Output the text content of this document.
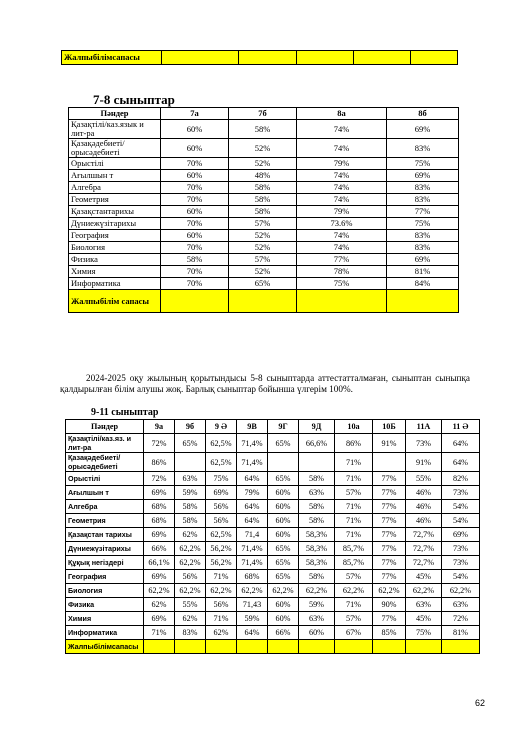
Жалпыбілімсапасы					
7-8 сыныптар
Пәндер	7а	7б	8а	8б
Қазақтілі/каз.язык и лит-ра	60%	58%	74%	69%
Қазақәдебиеті/ орысәдебиеті	60%	52%	74%	83%
Орыстілі	70%	52%	79%	75%
Ағылшын т	60%	48%	74%	69%
Алгебра	70%	58%	74%	83%
Геометрия	70%	58%	74%	83%
Қазақстантарихы	60%	58%	79%	77%
Дүниежүзітарихы	70%	57%	73.6%	75%
География	60%	52%	74%	83%
Биология	70%	52%	74%	83%
Физика	58%	57%	77%	69%
Химия	70%	52%	78%	81%
Информатика	70%	65%	75%	84%
Жалпыбілім сапасы				

2024-2025 оқу жылының қорытындысы 5-8 сыныптарда аттестатталмаған, сыныптан сыныпқа қалдырылған білім алушы жоқ. Барлық сыныптар бойынша үлгерім 100%.

9-11 сыныптар
Пәндер	9а	9б	9 Ә	9В	9Г	9Д	10а	10Б	11А	11 Ә
Қазақтілі/каз.яз. и лит-ра	72%	65%	62,5%	71,4%	65%	66,6%	86%	91%	73%	64%
Қазақәдебиеті/ орысәдебиеті	86%		62,5%	71,4%			71%		91%	64%
Орыстілі	72%	63%	75%	64%	65%	58%	71%	77%	55%	82%
Ағылшын т	69%	59%	69%	79%	60%	63%	57%	77%	46%	73%
Алгебра	68%	58%	56%	64%	60%	58%	71%	77%	46%	54%
Геометрия	68%	58%	56%	64%	60%	58%	71%	77%	46%	54%
Қазақстан тарихы	69%	62%	62,5%	71,4	60%	58,3%	71%	77%	72,7%	69%
Дүниежүзітарихы	66%	62,2%	56,2%	71,4%	65%	58,3%	85,7%	77%	72,7%	73%
Құқық негіздері	66,1%	62,2%	56,2%	71,4%	65%	58,3%	85,7%	77%	72,7%	73%
География	69%	56%	71%	68%	65%	58%	57%	77%	45%	54%
Биология	62,2%	62,2%	62,2%	62,2%	62,2%	62,2%	62,2%	62,2%	62,2%	62,2%
Физика	62%	55%	56%	71,43	60%	59%	71%	90%	63%	63%
Химия	69%	62%	71%	59%	60%	63%	57%	77%	45%	72%
Информатика	71%	83%	62%	64%	66%	60%	67%	85%	75%	81%
Жалпыбілімсапасы										
62
